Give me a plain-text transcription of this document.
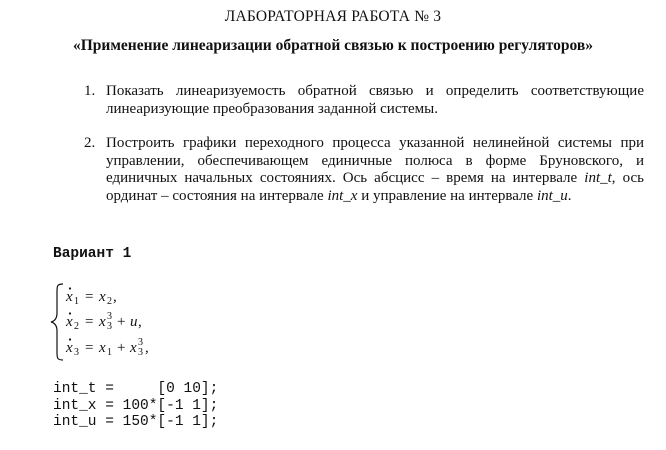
ЛАБОРАТОРНАЯ РАБОТА № 3
«Применение линеаризации обратной связью к построению регуляторов»
1. Показать линеаризуемость обратной связью и определить соответствующие линеаризующие преобразования заданной системы.
2. Построить графики переходного процесса указанной нелинейной системы при управлении, обеспечивающем единичные полюса в форме Бруновского, и единичных начальных состояниях. Ось абсцисс – время на интервале int_t, ось ординат – состояния на интервале int_x и управление на интервале int_u.
Вариант 1
x 1 = x 2 ,
x 2 = x 3
3 + u ,
x 3 = x 1 + x 3
3 ,
int_t =     [0 10];
int_x = 100*[-1 1];
int_u = 150*[-1 1];
